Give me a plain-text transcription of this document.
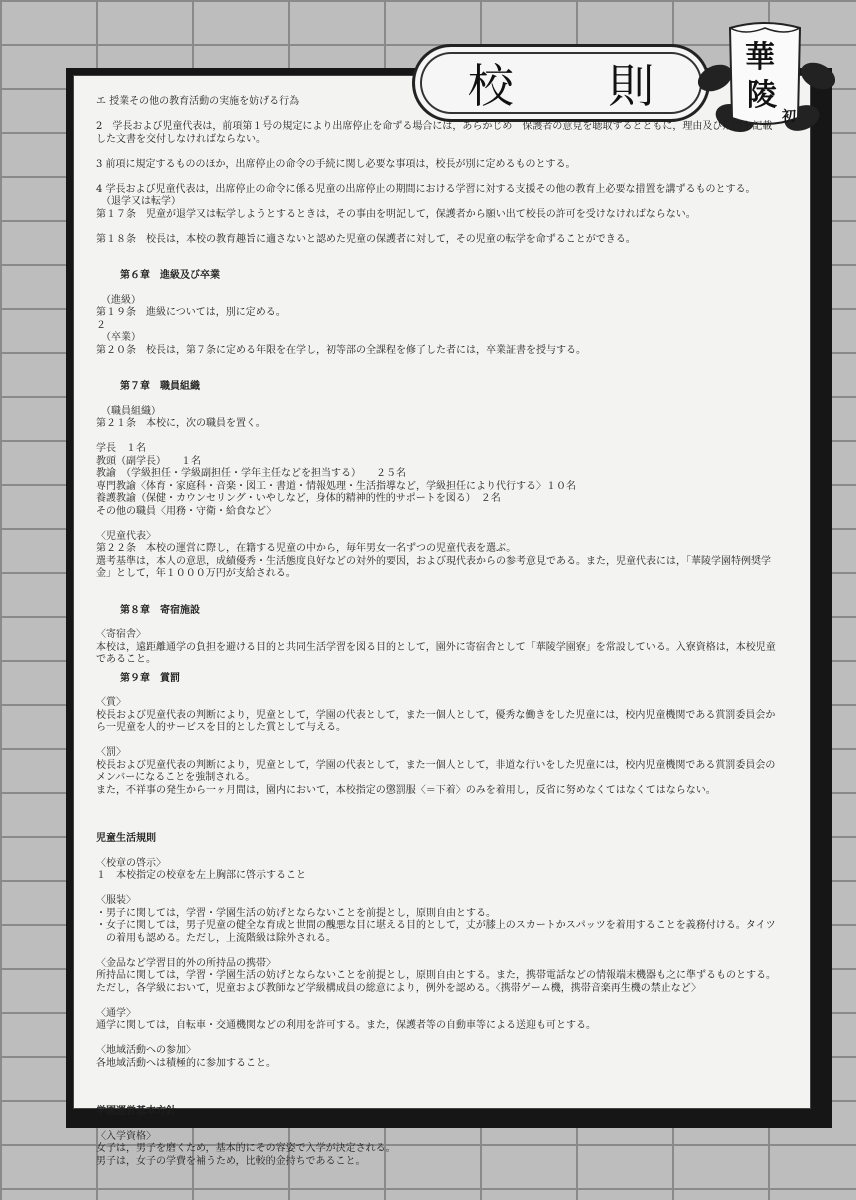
校 則
華
陵
初
エ 授業その他の教育活動の実施を妨げる行為

2　学長および児童代表は，前項第１号の規定により出席停止を命ずる場合には，あらかじめ　保護者の意見を聴取するとともに，理由及び期間を記載
した文書を交付しなければならない。

3 前項に規定するもののほか，出席停止の命令の手続に関し必要な事項は，校長が別に定めるものとする。

4 学長および児童代表は，出席停止の命令に係る児童の出席停止の期間における学習に対する支援その他の教育上必要な措置を講ずるものとする。
　（退学又は転学）
第１７条　児童が退学又は転学しようとするときは，その事由を明記して，保護者から願い出て校長の許可を受けなければならない。

第１８条　校長は，本校の教育趣旨に適さないと認めた児童の保護者に対して，その児童の転学を命ずることができる。
第６章　進級及び卒業
　（進級）
第１９条　進級については，別に定める。
２
　（卒業）
第２０条　校長は，第７条に定める年限を在学し，初等部の全課程を修了した者には，卒業証書を授与する。
第７章　職員組織
　（職員組織）
第２１条　本校に，次の職員を置く。

学長　１名
教頭（副学長）　　１名
教諭　（学級担任・学級副担任・学年主任などを担当する）　　２５名
専門教諭〈体育・家庭科・音楽・図工・書道・情報処理・生活指導など，学級担任により代行する〉１０名
養護教諭（保健・カウンセリング・いやしなど，身体的精神的性的サポートを図る）　２名
その他の職員〈用務・守衛・給食など〉

〈児童代表〉
第２２条　本校の運営に際し，在籍する児童の中から，毎年男女一名ずつの児童代表を選ぶ。
選考基準は，本人の意思，成績優秀・生活態度良好などの対外的要因，および現代表からの参考意見である。また，児童代表には，「華陵学園特例奨学
金」として，年１０００万円が支給される。
第８章　寄宿施設
〈寄宿舎〉
本校は，遠距離通学の負担を避ける目的と共同生活学習を図る目的として，園外に寄宿舎として「華陵学園寮」を常設している。入寮資格は，本校児童
であること。
第９章　賞罰
〈賞〉
校長および児童代表の判断により，児童として，学園の代表として，また一個人として，優秀な働きをした児童には，校内児童機関である賞罰委員会か
ら一児童を人的サービスを目的とした賞として与える。

〈罰〉
校長および児童代表の判断により，児童として，学園の代表として，また一個人として，非道な行いをした児童には，校内児童機関である賞罰委員会の
メンバーになることを強制される。
また，不祥事の発生から一ヶ月間は，園内において，本校指定の懲罰服〈＝下着〉のみを着用し，反省に努めなくてはなくてはならない。
児童生活規則
〈校章の啓示〉
１　本校指定の校章を左上胸部に啓示すること

〈服装〉
・男子に関しては，学習・学園生活の妨げとならないことを前提とし，原則自由とする。
・女子に関しては，男子児童の健全な育成と世間の醜悪な目に堪える目的として，丈が膝上のスカートかスパッツを着用することを義務付ける。タイツ
　の着用も認める。ただし，上流階級は除外される。

〈金品など学習目的外の所持品の携帯〉
所持品に関しては，学習・学園生活の妨げとならないことを前提とし，原則自由とする。また，携帯電話などの情報端末機器も之に準ずるものとする。
ただし，各学級において，児童および教師など学級構成員の総意により，例外を認める。〈携帯ゲーム機，携帯音楽再生機の禁止など〉

〈通学〉
通学に関しては，自転車・交通機関などの利用を許可する。また，保護者等の自動車等による送迎も可とする。

〈地域活動への参加〉
各地域活動へは積極的に参加すること。
学園運営基本方針
〈入学資格〉
女子は，男子を磨くため，基本的にその容姿で入学が決定される。
男子は，女子の学費を補うため，比較的金持ちであること。
